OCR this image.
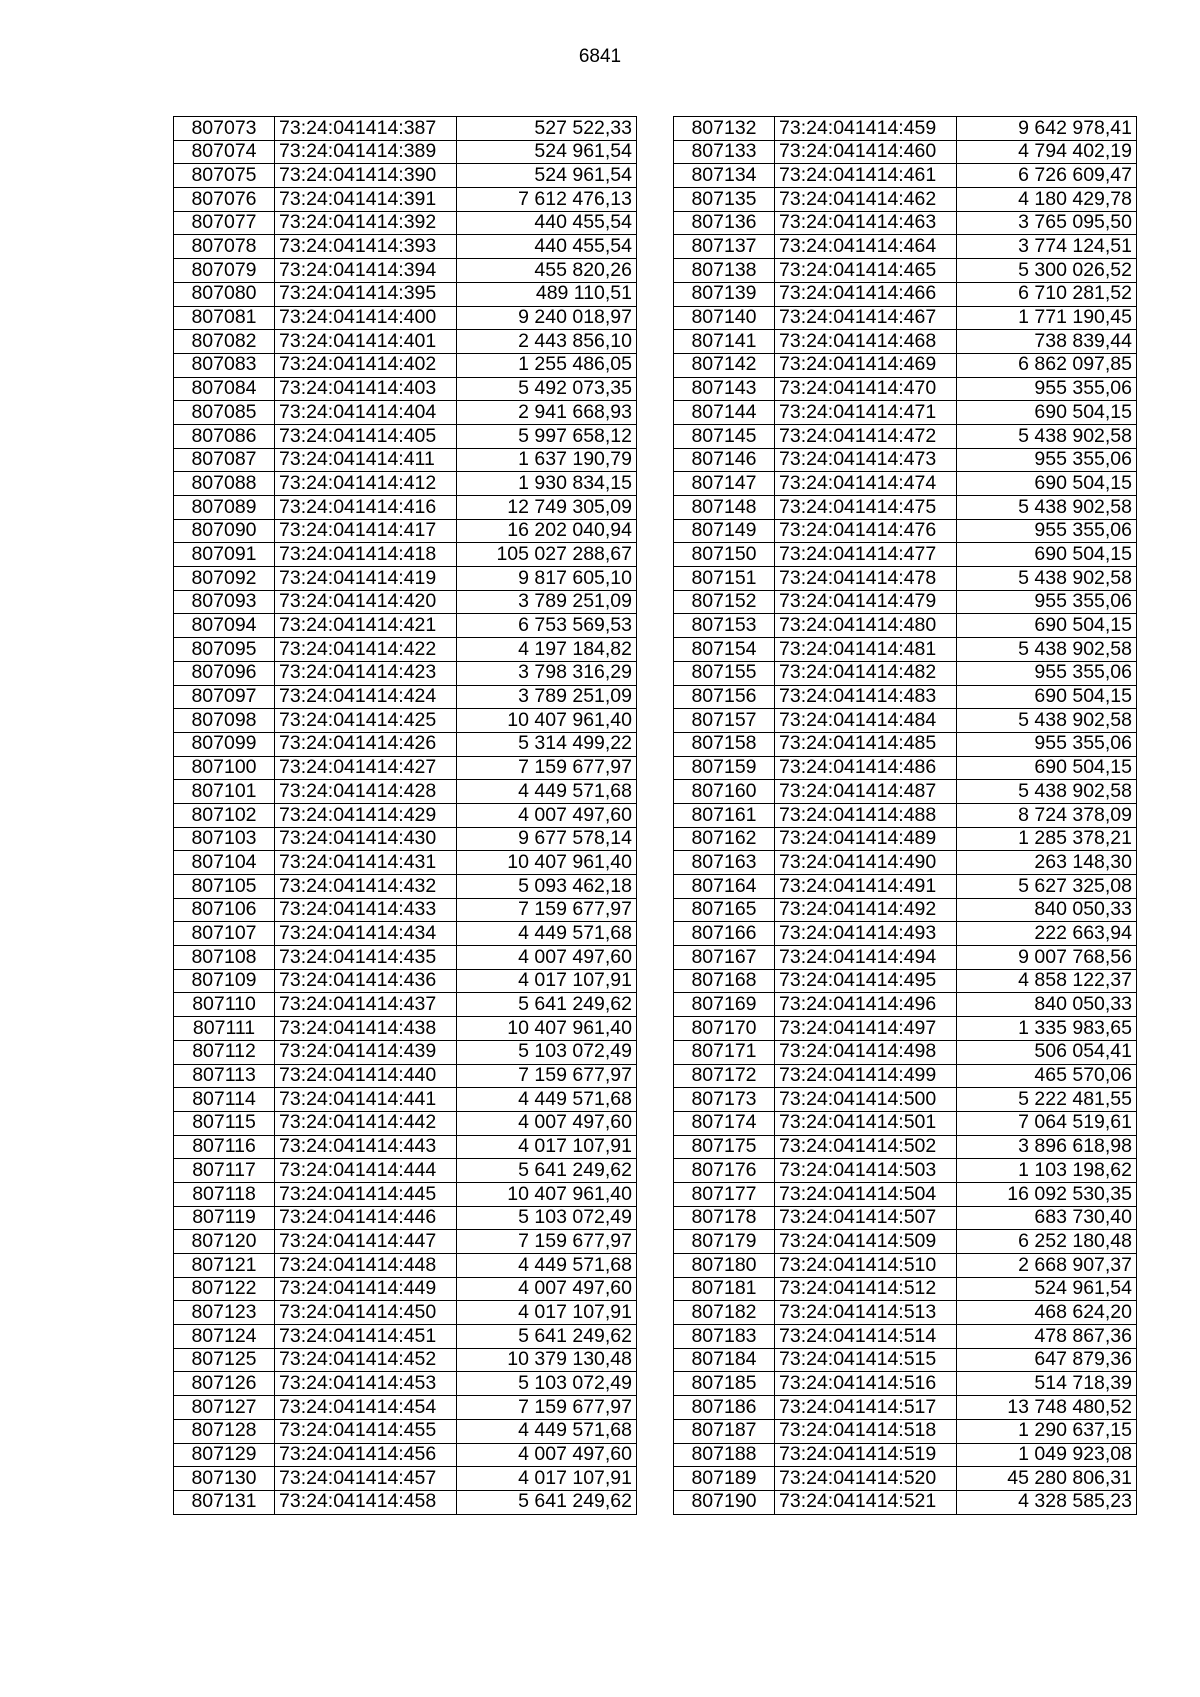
6841
807073	73:24:041414:387	527 522,33
807074	73:24:041414:389	524 961,54
807075	73:24:041414:390	524 961,54
807076	73:24:041414:391	7 612 476,13
807077	73:24:041414:392	440 455,54
807078	73:24:041414:393	440 455,54
807079	73:24:041414:394	455 820,26
807080	73:24:041414:395	489 110,51
807081	73:24:041414:400	9 240 018,97
807082	73:24:041414:401	2 443 856,10
807083	73:24:041414:402	1 255 486,05
807084	73:24:041414:403	5 492 073,35
807085	73:24:041414:404	2 941 668,93
807086	73:24:041414:405	5 997 658,12
807087	73:24:041414:411	1 637 190,79
807088	73:24:041414:412	1 930 834,15
807089	73:24:041414:416	12 749 305,09
807090	73:24:041414:417	16 202 040,94
807091	73:24:041414:418	105 027 288,67
807092	73:24:041414:419	9 817 605,10
807093	73:24:041414:420	3 789 251,09
807094	73:24:041414:421	6 753 569,53
807095	73:24:041414:422	4 197 184,82
807096	73:24:041414:423	3 798 316,29
807097	73:24:041414:424	3 789 251,09
807098	73:24:041414:425	10 407 961,40
807099	73:24:041414:426	5 314 499,22
807100	73:24:041414:427	7 159 677,97
807101	73:24:041414:428	4 449 571,68
807102	73:24:041414:429	4 007 497,60
807103	73:24:041414:430	9 677 578,14
807104	73:24:041414:431	10 407 961,40
807105	73:24:041414:432	5 093 462,18
807106	73:24:041414:433	7 159 677,97
807107	73:24:041414:434	4 449 571,68
807108	73:24:041414:435	4 007 497,60
807109	73:24:041414:436	4 017 107,91
807110	73:24:041414:437	5 641 249,62
807111	73:24:041414:438	10 407 961,40
807112	73:24:041414:439	5 103 072,49
807113	73:24:041414:440	7 159 677,97
807114	73:24:041414:441	4 449 571,68
807115	73:24:041414:442	4 007 497,60
807116	73:24:041414:443	4 017 107,91
807117	73:24:041414:444	5 641 249,62
807118	73:24:041414:445	10 407 961,40
807119	73:24:041414:446	5 103 072,49
807120	73:24:041414:447	7 159 677,97
807121	73:24:041414:448	4 449 571,68
807122	73:24:041414:449	4 007 497,60
807123	73:24:041414:450	4 017 107,91
807124	73:24:041414:451	5 641 249,62
807125	73:24:041414:452	10 379 130,48
807126	73:24:041414:453	5 103 072,49
807127	73:24:041414:454	7 159 677,97
807128	73:24:041414:455	4 449 571,68
807129	73:24:041414:456	4 007 497,60
807130	73:24:041414:457	4 017 107,91
807131	73:24:041414:458	5 641 249,62
807132	73:24:041414:459	9 642 978,41
807133	73:24:041414:460	4 794 402,19
807134	73:24:041414:461	6 726 609,47
807135	73:24:041414:462	4 180 429,78
807136	73:24:041414:463	3 765 095,50
807137	73:24:041414:464	3 774 124,51
807138	73:24:041414:465	5 300 026,52
807139	73:24:041414:466	6 710 281,52
807140	73:24:041414:467	1 771 190,45
807141	73:24:041414:468	738 839,44
807142	73:24:041414:469	6 862 097,85
807143	73:24:041414:470	955 355,06
807144	73:24:041414:471	690 504,15
807145	73:24:041414:472	5 438 902,58
807146	73:24:041414:473	955 355,06
807147	73:24:041414:474	690 504,15
807148	73:24:041414:475	5 438 902,58
807149	73:24:041414:476	955 355,06
807150	73:24:041414:477	690 504,15
807151	73:24:041414:478	5 438 902,58
807152	73:24:041414:479	955 355,06
807153	73:24:041414:480	690 504,15
807154	73:24:041414:481	5 438 902,58
807155	73:24:041414:482	955 355,06
807156	73:24:041414:483	690 504,15
807157	73:24:041414:484	5 438 902,58
807158	73:24:041414:485	955 355,06
807159	73:24:041414:486	690 504,15
807160	73:24:041414:487	5 438 902,58
807161	73:24:041414:488	8 724 378,09
807162	73:24:041414:489	1 285 378,21
807163	73:24:041414:490	263 148,30
807164	73:24:041414:491	5 627 325,08
807165	73:24:041414:492	840 050,33
807166	73:24:041414:493	222 663,94
807167	73:24:041414:494	9 007 768,56
807168	73:24:041414:495	4 858 122,37
807169	73:24:041414:496	840 050,33
807170	73:24:041414:497	1 335 983,65
807171	73:24:041414:498	506 054,41
807172	73:24:041414:499	465 570,06
807173	73:24:041414:500	5 222 481,55
807174	73:24:041414:501	7 064 519,61
807175	73:24:041414:502	3 896 618,98
807176	73:24:041414:503	1 103 198,62
807177	73:24:041414:504	16 092 530,35
807178	73:24:041414:507	683 730,40
807179	73:24:041414:509	6 252 180,48
807180	73:24:041414:510	2 668 907,37
807181	73:24:041414:512	524 961,54
807182	73:24:041414:513	468 624,20
807183	73:24:041414:514	478 867,36
807184	73:24:041414:515	647 879,36
807185	73:24:041414:516	514 718,39
807186	73:24:041414:517	13 748 480,52
807187	73:24:041414:518	1 290 637,15
807188	73:24:041414:519	1 049 923,08
807189	73:24:041414:520	45 280 806,31
807190	73:24:041414:521	4 328 585,23
